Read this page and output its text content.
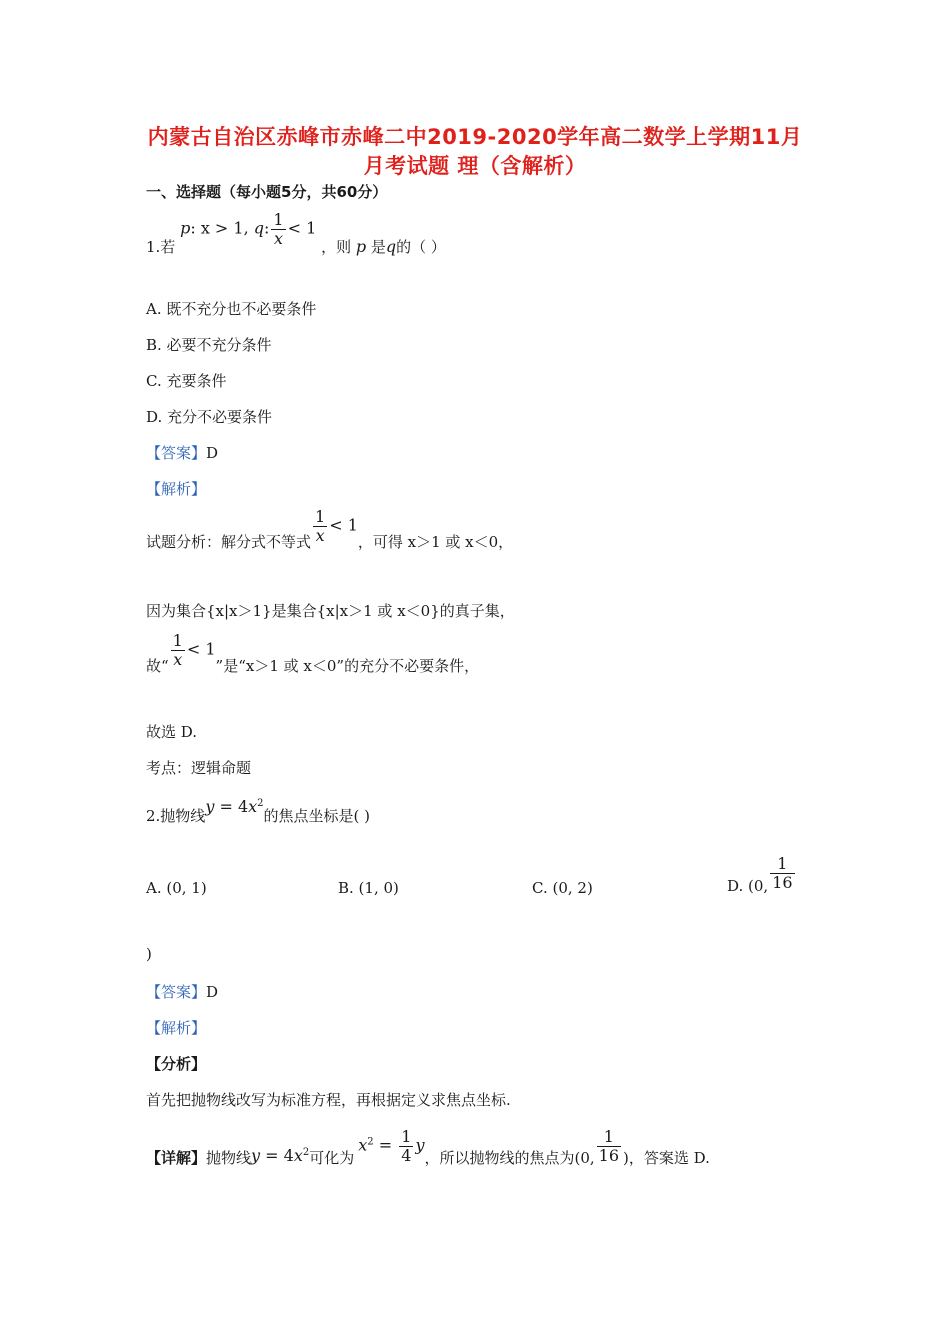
内蒙古自治区赤峰市赤峰二中2019-2020学年高二数学上学期11月
月考试题 理（含解析）
一、选择题（每小题5分，共60分）
1.若 p: x > 1, q: $\frac{1}{x} < 1$ ，则 p 是q的（ ）
A. 既不充分也不必要条件
B. 必要不充分条件
C. 充要条件
D. 充分不必要条件
【答案】D
【解析】
试题分析：解分式不等式 $\frac{1}{x} < 1$，可得 x＞1 或 x＜0，
因为集合{x|x＞1}是集合{x|x＞1 或 x＜0}的真子集，
故“ $\frac{1}{x} < 1$”是“x＞1 或 x＜0”的充分不必要条件，
故选 D.
考点：逻辑命题
2.抛物线$y = 4x^2$的焦点坐标是( )
A. (0, 1)	B. (1, 0)	C. (0, 2)	D. (0, $\frac{1}{16}$
)
【答案】D
【解析】
【分析】
首先把抛物线改写为标准方程，再根据定义求焦点坐标.
【详解】抛物线$y = 4x^2$可化为$x^2 = \frac{1}{4}$ y，所以抛物线的焦点为(0, $\frac{1}{16}$ )，答案选 D.
